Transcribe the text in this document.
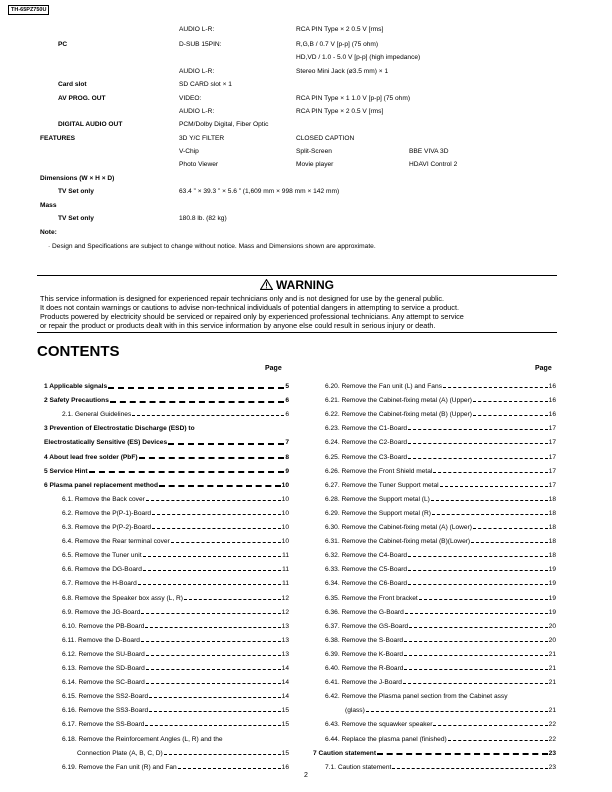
TH-65PZ750U
AUDIO L-R:	RCA PIN Type × 2 0.5 V [rms]
PC	D-SUB 15PIN:	R,G,B / 0.7 V [p-p] (75 ohm)
HD,VD / 1.0 - 5.0 V [p-p] (high impedance)
AUDIO L-R:	Stereo Mini Jack (ø3.5 mm) × 1
Card slot	SD CARD slot × 1
AV PROG. OUT	VIDEO:	RCA PIN Type × 1 1.0 V [p-p] (75 ohm)
AUDIO L-R:	RCA PIN Type × 2 0.5 V [rms]
DIGITAL AUDIO OUT	PCM/Dolby Digital, Fiber Optic
FEATURES	3D Y/C FILTER	CLOSED CAPTION
V-Chip	Split-Screen	BBE VIVA 3D
Photo Viewer	Movie player	HDAVI Control 2
Dimensions (W × H × D)
TV Set only	63.4 ” × 39.3 ” × 5.6 ” (1,609 mm × 998 mm × 142 mm)
Mass
TV Set only	180.8 lb. (82 kg)
Note:
· Design and Specifications are subject to change without notice. Mass and Dimensions shown are approximate.
WARNING
This service information is designed for experienced repair technicians only and is not designed for use by the general public.
It does not contain warnings or cautions to advise non-technical individuals of potential dangers in attempting to service a product.
Products powered by electricity should be serviced or repaired only by experienced professional technicians. Any attempt to service
or repair the product or products dealt with in this service information by anyone else could result in serious injury or death.
CONTENTS
Page	Page
1 Applicable signals	5
2 Safety Precautions	6
2.1. General Guidelines	6
3 Prevention of Electrostatic Discharge (ESD) to
Electrostatically Sensitive (ES) Devices	7
4 About lead free solder (PbF)	8
5 Service Hint	9
6 Plasma panel replacement method	10
6.1. Remove the Back cover	10
6.2. Remove the P(P-1)-Board	10
6.3. Remove the P(P-2)-Board	10
6.4. Remove the Rear terminal cover	10
6.5. Remove the Tuner unit	11
6.6. Remove the DG-Board	11
6.7. Remove the H-Board	11
6.8. Remove the Speaker box assy (L, R)	12
6.9. Remove the JG-Board	12
6.10. Remove the PB-Board	13
6.11. Remove the D-Board	13
6.12. Remove the SU-Board	13
6.13. Remove the SD-Board	14
6.14. Remove the SC-Board	14
6.15. Remove the SS2-Board	14
6.16. Remove the SS3-Board	15
6.17. Remove the SS-Board	15
6.18. Remove the Reinforcement Angles (L, R) and the
Connection Plate (A, B, C, D)	15
6.19. Remove the Fan unit (R) and Fan	16
6.20. Remove the Fan unit (L) and Fans	16
6.21. Remove the Cabinet-fixing metal (A) (Upper)	16
6.22. Remove the Cabinet-fixing metal (B) (Upper)	16
6.23. Remove the C1-Board	17
6.24. Remove the C2-Board	17
6.25. Remove the C3-Board	17
6.26. Remove the Front Shield metal	17
6.27. Remove the Tuner Support metal	17
6.28. Remove the Support metal (L)	18
6.29. Remove the Support metal (R)	18
6.30. Remove the Cabinet-fixing metal (A) (Lower)	18
6.31. Remove the Cabinet-fixing metal (B)(Lower)	18
6.32. Remove the C4-Board	18
6.33. Remove the C5-Board	19
6.34. Remove the C6-Board	19
6.35. Remove the Front bracket	19
6.36. Remove the G-Board	19
6.37. Remove the GS-Board	20
6.38. Remove the S-Board	20
6.39. Remove the K-Board	21
6.40. Remove the R-Board	21
6.41. Remove the J-Board	21
6.42. Remove the Plasma panel section from the Cabinet assy
(glass)	21
6.43. Remove the squawker speaker	22
6.44. Replace the plasma panel (finished)	22
7 Caution statement	23
7.1. Caution statement	23
2
